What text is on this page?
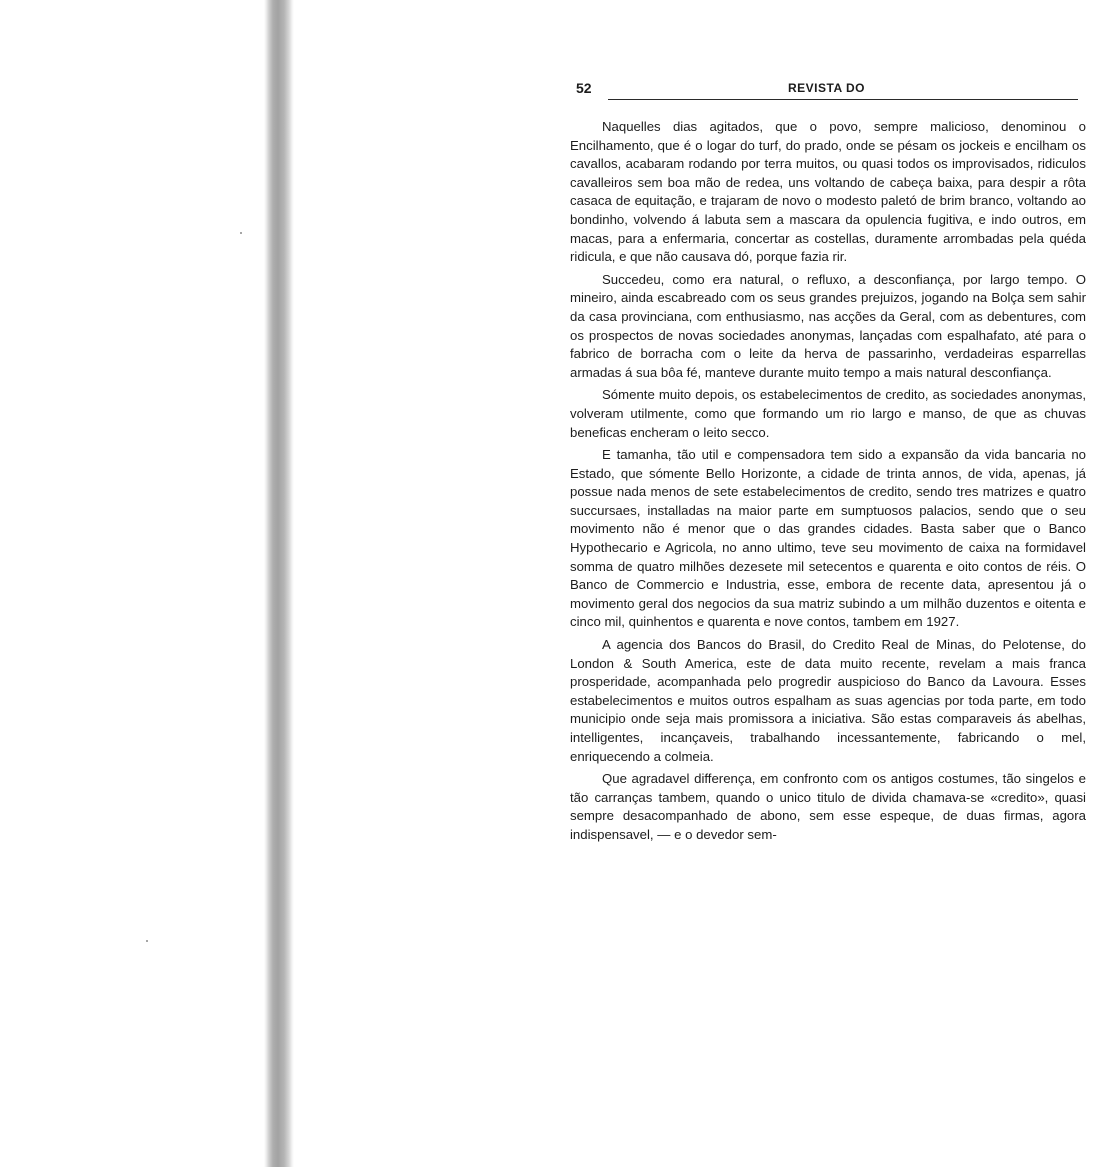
52	REVISTA DO

Naquelles dias agitados, que o povo, sempre malicioso, denominou o Encilhamento, que é o logar do turf, do prado, onde se pésam os jockeis e encilham os cavallos, acabaram rodando por terra muitos, ou quasi todos os improvisados, ridiculos cavalleiros sem boa mão de redea, uns voltando de cabeça baixa, para despir a rôta casaca de equitação, e trajaram de novo o modesto paletó de brim branco, voltando ao bondinho, volvendo á labuta sem a mascara da opulencia fugitiva, e indo outros, em macas, para a enfermaria, concertar as costellas, duramente arrombadas pela quéda ridicula, e que não causava dó, porque fazia rir.

Succedeu, como era natural, o refluxo, a desconfiança, por largo tempo. O mineiro, ainda escabreado com os seus grandes prejuizos, jogando na Bolça sem sahir da casa provinciana, com enthusiasmo, nas acções da Geral, com as debentures, com os prospectos de novas sociedades anonymas, lançadas com espalhafato, até para o fabrico de borracha com o leite da herva de passarinho, verdadeiras esparrellas armadas á sua bôa fé, manteve durante muito tempo a mais natural desconfiança.

Sómente muito depois, os estabelecimentos de credito, as sociedades anonymas, volveram utilmente, como que formando um rio largo e manso, de que as chuvas beneficas encheram o leito secco.

E tamanha, tão util e compensadora tem sido a expansão da vida bancaria no Estado, que sómente Bello Horizonte, a cidade de trinta annos, de vida, apenas, já possue nada menos de sete estabelecimentos de credito, sendo tres matrizes e quatro succursaes, installadas na maior parte em sumptuosos palacios, sendo que o seu movimento não é menor que o das grandes cidades. Basta saber que o Banco Hypothecario e Agricola, no anno ultimo, teve seu movimento de caixa na formidavel somma de quatro milhões dezesete mil setecentos e quarenta e oito contos de réis. O Banco de Commercio e Industria, esse, embora de recente data, apresentou já o movimento geral dos negocios da sua matriz subindo a um milhão duzentos e oitenta e cinco mil, quinhentos e quarenta e nove contos, tambem em 1927.

A agencia dos Bancos do Brasil, do Credito Real de Minas, do Pelotense, do London & South America, este de data muito recente, revelam a mais franca prosperidade, acompanhada pelo progredir auspicioso do Banco da Lavoura. Esses estabelecimentos e muitos outros espalham as suas agencias por toda parte, em todo municipio onde seja mais promissora a iniciativa. São estas comparaveis ás abelhas, intelligentes, incançaveis, trabalhando incessantemente, fabricando o mel, enriquecendo a colmeia.

Que agradavel differença, em confronto com os antigos costumes, tão singelos e tão carranças tambem, quando o unico titulo de divida chamava-se «credito», quasi sempre desacompanhado de abono, sem esse espeque, de duas firmas, agora indispensavel, — e o devedor sem-
